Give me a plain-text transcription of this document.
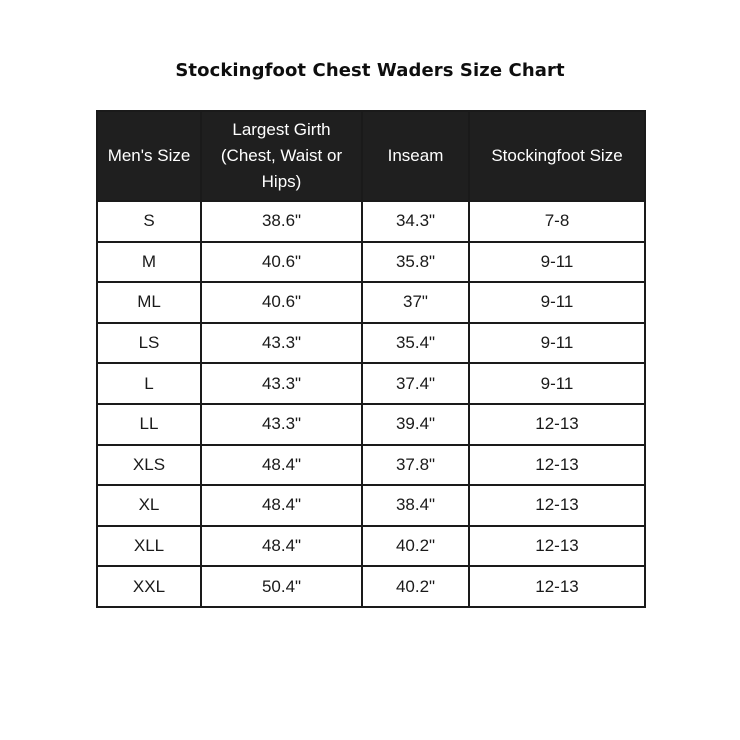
Stockingfoot Chest Waders Size Chart
Men's Size	Largest Girth (Chest, Waist or Hips)	Inseam	Stockingfoot Size
S	38.6"	34.3"	7-8
M	40.6"	35.8"	9-11
ML	40.6"	37"	9-11
LS	43.3"	35.4"	9-11
L	43.3"	37.4"	9-11
LL	43.3"	39.4"	12-13
XLS	48.4"	37.8"	12-13
XL	48.4"	38.4"	12-13
XLL	48.4"	40.2"	12-13
XXL	50.4"	40.2"	12-13
